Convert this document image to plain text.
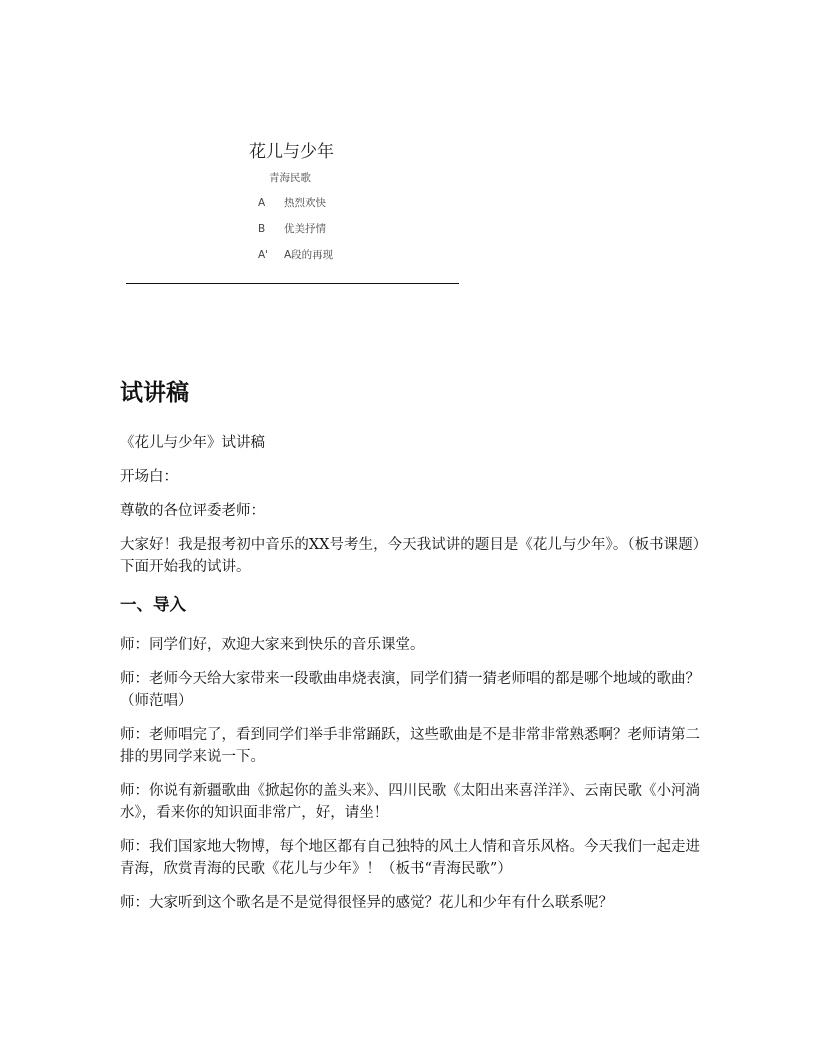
花儿与少年
青海民歌
A 热烈欢快
B 优美抒情
A' A段的再现
试讲稿

《花儿与少年》试讲稿

开场白：

尊敬的各位评委老师：

大家好！我是报考初中音乐的XX号考生，今天我试讲的题目是《花儿与少年》。（板书课题）下面开始我的试讲。

一、导入

师：同学们好，欢迎大家来到快乐的音乐课堂。

师：老师今天给大家带来一段歌曲串烧表演，同学们猜一猜老师唱的都是哪个地域的歌曲？（师范唱）

师：老师唱完了，看到同学们举手非常踊跃，这些歌曲是不是非常非常熟悉啊？老师请第二排的男同学来说一下。

师：你说有新疆歌曲《掀起你的盖头来》、四川民歌《太阳出来喜洋洋》、云南民歌《小河淌水》，看来你的知识面非常广，好，请坐！

师：我们国家地大物博，每个地区都有自己独特的风土人情和音乐风格。今天我们一起走进青海，欣赏青海的民歌《花儿与少年》！（板书“青海民歌”）

师：大家听到这个歌名是不是觉得很怪异的感觉？花儿和少年有什么联系呢？
